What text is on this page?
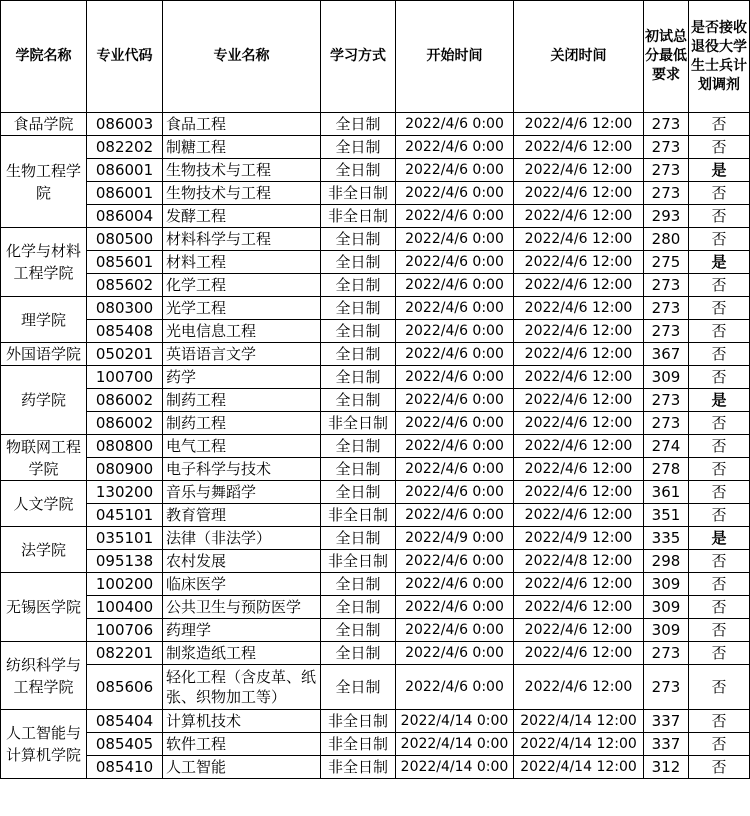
学院名称	专业代码	专业名称	学习方式	开始时间	关闭时间	初试总分最低要求	是否接收退役大学生士兵计划调剂
食品学院	086003	食品工程	全日制	2022/4/6 0:00	2022/4/6 12:00	273	否
生物工程学院	082202	制糖工程	全日制	2022/4/6 0:00	2022/4/6 12:00	273	否
	086001	生物技术与工程	全日制	2022/4/6 0:00	2022/4/6 12:00	273	是
	086001	生物技术与工程	非全日制	2022/4/6 0:00	2022/4/6 12:00	273	否
	086004	发酵工程	非全日制	2022/4/6 0:00	2022/4/6 12:00	293	否
化学与材料工程学院	080500	材料科学与工程	全日制	2022/4/6 0:00	2022/4/6 12:00	280	否
	085601	材料工程	全日制	2022/4/6 0:00	2022/4/6 12:00	275	是
	085602	化学工程	全日制	2022/4/6 0:00	2022/4/6 12:00	273	否
理学院	080300	光学工程	全日制	2022/4/6 0:00	2022/4/6 12:00	273	否
	085408	光电信息工程	全日制	2022/4/6 0:00	2022/4/6 12:00	273	否
外国语学院	050201	英语语言文学	全日制	2022/4/6 0:00	2022/4/6 12:00	367	否
药学院	100700	药学	全日制	2022/4/6 0:00	2022/4/6 12:00	309	否
	086002	制药工程	全日制	2022/4/6 0:00	2022/4/6 12:00	273	是
	086002	制药工程	非全日制	2022/4/6 0:00	2022/4/6 12:00	273	否
物联网工程学院	080800	电气工程	全日制	2022/4/6 0:00	2022/4/6 12:00	274	否
	080900	电子科学与技术	全日制	2022/4/6 0:00	2022/4/6 12:00	278	否
人文学院	130200	音乐与舞蹈学	全日制	2022/4/6 0:00	2022/4/6 12:00	361	否
	045101	教育管理	非全日制	2022/4/6 0:00	2022/4/6 12:00	351	否
法学院	035101	法律（非法学）	全日制	2022/4/9 0:00	2022/4/9 12:00	335	是
	095138	农村发展	非全日制	2022/4/6 0:00	2022/4/8 12:00	298	否
无锡医学院	100200	临床医学	全日制	2022/4/6 0:00	2022/4/6 12:00	309	否
	100400	公共卫生与预防医学	全日制	2022/4/6 0:00	2022/4/6 12:00	309	否
	100706	药理学	全日制	2022/4/6 0:00	2022/4/6 12:00	309	否
纺织科学与工程学院	082201	制浆造纸工程	全日制	2022/4/6 0:00	2022/4/6 12:00	273	否
	085606	轻化工程（含皮革、纸张、织物加工等）	全日制	2022/4/6 0:00	2022/4/6 12:00	273	否
人工智能与计算机学院	085404	计算机技术	非全日制	2022/4/14 0:00	2022/4/14 12:00	337	否
	085405	软件工程	非全日制	2022/4/14 0:00	2022/4/14 12:00	337	否
	085410	人工智能	非全日制	2022/4/14 0:00	2022/4/14 12:00	312	否
